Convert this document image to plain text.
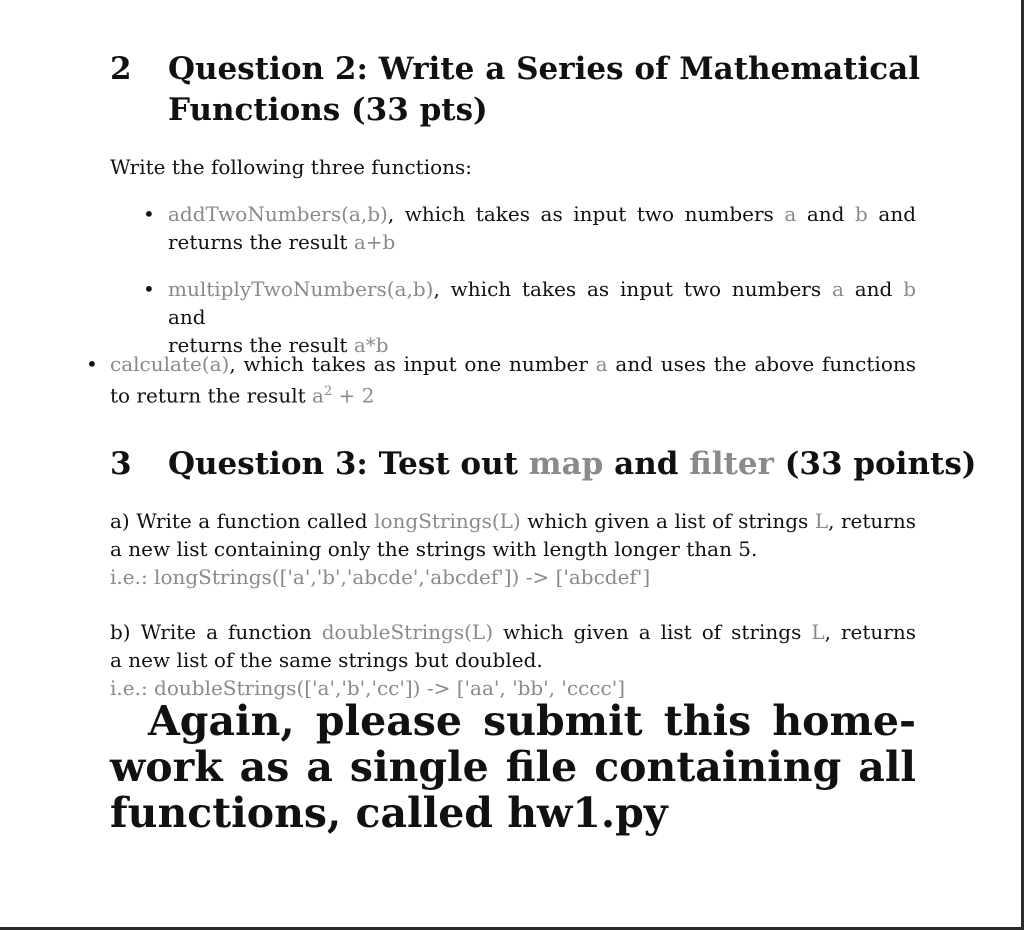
2 Question 2: Write a Series of Mathematical
Functions (33 pts)
Write the following three functions:
• addTwoNumbers(a,b), which takes as input two numbers a and b and
returns the result a+b
• multiplyTwoNumbers(a,b), which takes as input two numbers a and b and
returns the result a*b
• calculate(a), which takes as input one number a and uses the above functions
to return the result $a^2 + 2$
3 Question 3: Test out map and filter (33 points)
a) Write a function called longStrings(L) which given a list of strings L, returns
a new list containing only the strings with length longer than 5.
i.e.: longStrings(['a','b','abcde','abcdef']) -> ['abcdef']
b) Write a function doubleStrings(L) which given a list of strings L, returns
a new list of the same strings but doubled.
i.e.: doubleStrings(['a','b','cc']) -> ['aa', 'bb', 'cccc']
Again, please submit this home-
work as a single file containing all
functions, called hw1.py
